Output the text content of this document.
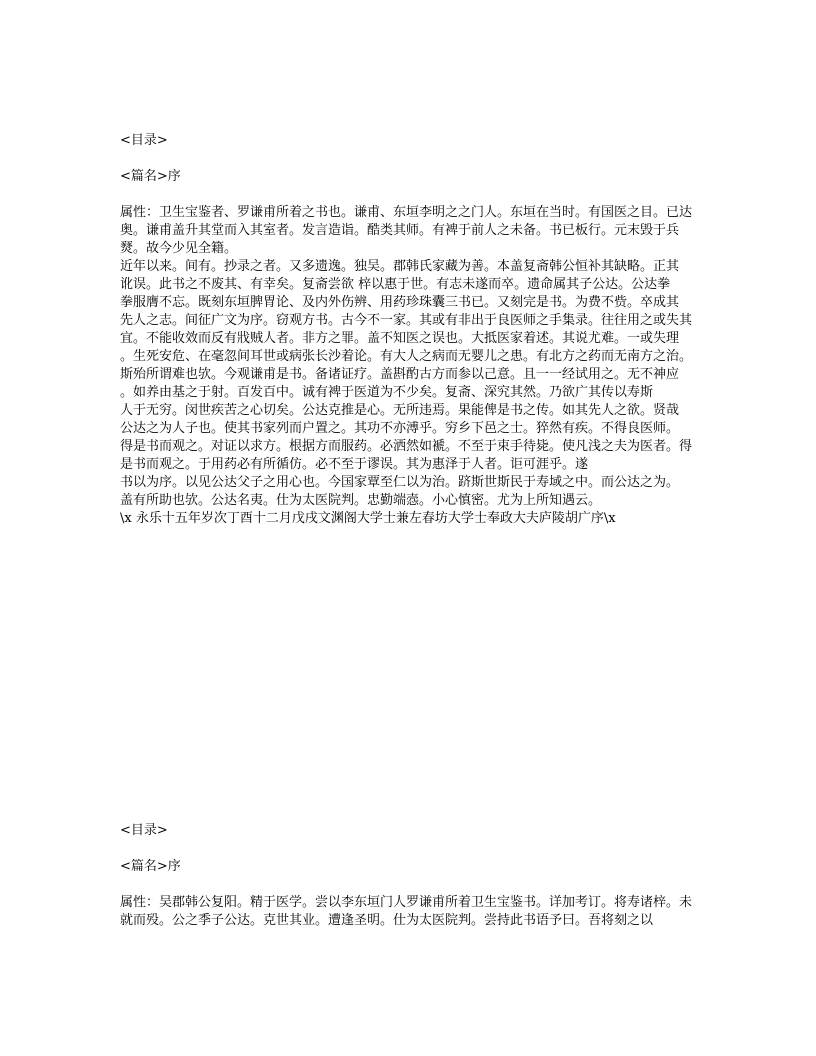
<目录>
<篇名>序
属性：卫生宝鉴者、罗谦甫所着之书也。谦甫、东垣李明之之门人。东垣在当时。有国医之目。已达
奥。谦甫盖升其堂而入其室者。发言造诣。酷类其师。有裨于前人之未备。书已板行。元末毁于兵
燹。故今少见全籍。
近年以来。间有。抄录之者。又多遗逸。独吴。郡韩氏家藏为善。本盖复斋韩公恒补其缺略。正其
讹误。此书之不废其、有幸矣。复斋尝欲 梓以惠于世。有志未遂而卒。遗命属其子公达。公达拳
拳服膺不忘。既刻东垣脾胃论、及内外伤辨、用药珍珠囊三书已。又刻完是书。为费不赀。卒成其
先人之志。间征广文为序。窃观方书。古今不一家。其或有非出于良医师之手集录。往往用之或失其
宜。不能收效而反有戕贼人者。非方之罪。盖不知医之误也。大抵医家着述。其说尤难。一或失理
。生死安危、在毫忽间耳世或病张长沙着论。有大人之病而无婴儿之患。有北方之药而无南方之治。
斯殆所谓难也欤。今观谦甫是书。备诸证疗。盖斟酌古方而参以己意。且一一经试用之。无不神应
。如养由基之于射。百发百中。诚有裨于医道为不少矣。复斋、深究其然。乃欲广其传以寿斯
人于无穷。闵世疾苦之心切矣。公达克推是心。无所违焉。果能俾是书之传。如其先人之欲。贤哉
公达之为人子也。使其书家列而户置之。其功不亦溥乎。穷乡下邑之士。猝然有疾。不得良医师。
得是书而观之。对证以求方。根据方而服药。必洒然如褫。不至于束手待毙。使凡浅之夫为医者。得
是书而观之。于用药必有所循仿。必不至于谬误。其为惠泽于人者。讵可涯乎。遂
书以为序。以见公达父子之用心也。今国家覃至仁以为治。跻斯世斯民于寿域之中。而公达之为。
盖有所助也欤。公达名夷。仕为太医院判。忠勤端悫。小心慎密。尤为上所知遇云。
\x 永乐十五年岁次丁酉十二月戊戌文渊阁大学士兼左春坊大学士奉政大夫庐陵胡广序\x
<目录>
<篇名>序
属性：吴郡韩公复阳。精于医学。尝以李东垣门人罗谦甫所着卫生宝鉴书。详加考订。将寿诸梓。未
就而殁。公之季子公达。克世其业。遭逢圣明。仕为太医院判。尝持此书语予曰。吾将刻之以
